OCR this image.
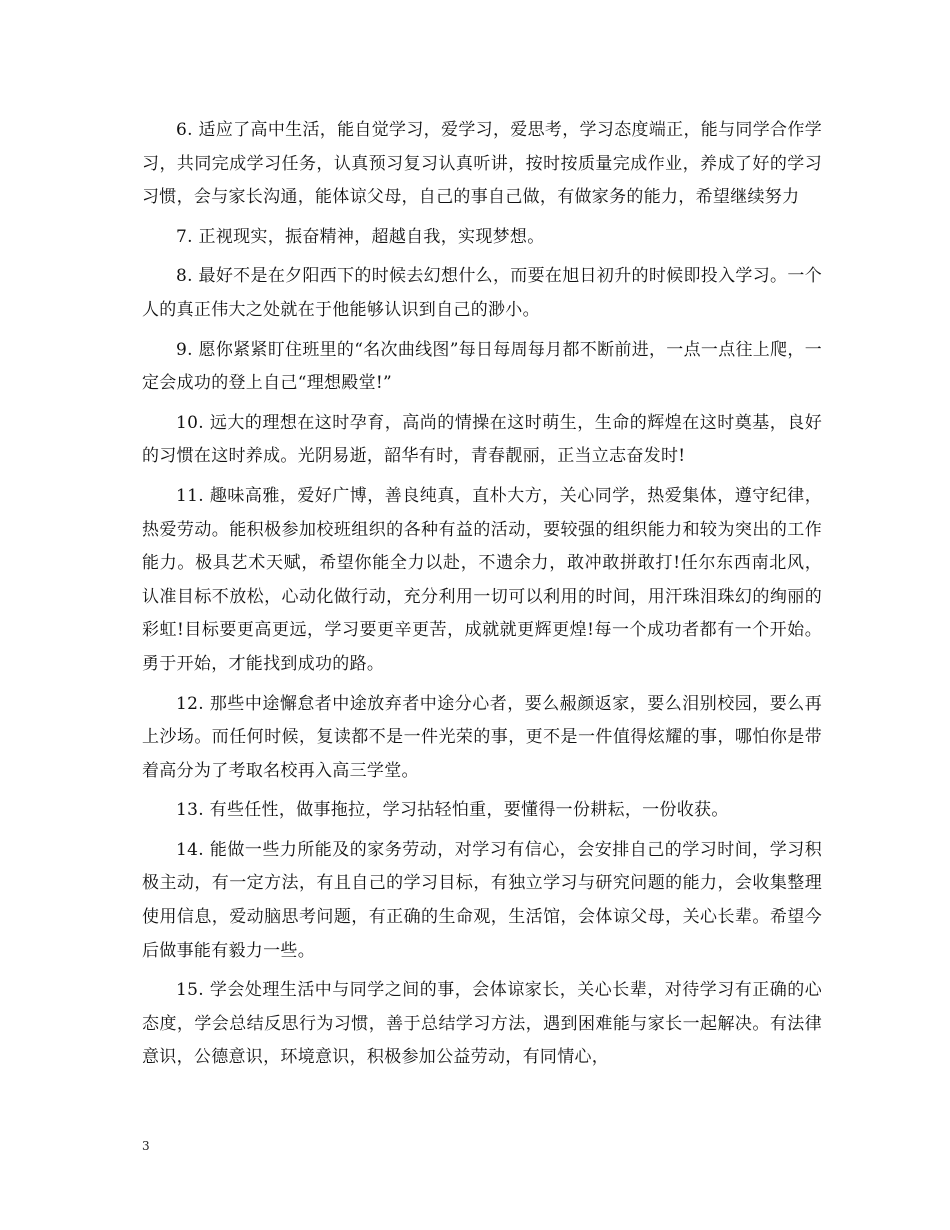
6. 适应了高中生活，能自觉学习，爱学习，爱思考，学习态度端正，能与同学合作学习，共同完成学习任务，认真预习复习认真听讲，按时按质量完成作业，养成了好的学习习惯，会与家长沟通，能体谅父母，自己的事自己做，有做家务的能力，希望继续努力

7. 正视现实，振奋精神，超越自我，实现梦想。

8. 最好不是在夕阳西下的时候去幻想什么，而要在旭日初升的时候即投入学习。一个人的真正伟大之处就在于他能够认识到自己的渺小。

9. 愿你紧紧盯住班里的“名次曲线图”每日每周每月都不断前进，一点一点往上爬，一定会成功的登上自己“理想殿堂!”

10. 远大的理想在这时孕育，高尚的情操在这时萌生，生命的辉煌在这时奠基，良好的习惯在这时养成。光阴易逝，韶华有时，青春靓丽，正当立志奋发时!

11. 趣味高雅，爱好广博，善良纯真，直朴大方，关心同学，热爱集体，遵守纪律，热爱劳动。能积极参加校班组织的各种有益的活动，要较强的组织能力和较为突出的工作能力。极具艺术天赋，希望你能全力以赴，不遗余力，敢冲敢拼敢打!任尔东西南北风，认准目标不放松，心动化做行动，充分利用一切可以利用的时间，用汗珠泪珠幻的绚丽的彩虹!目标要更高更远，学习要更辛更苦，成就就更辉更煌!每一个成功者都有一个开始。勇于开始，才能找到成功的路。

12. 那些中途懈怠者中途放弃者中途分心者，要么赧颜返家，要么泪别校园，要么再上沙场。而任何时候，复读都不是一件光荣的事，更不是一件值得炫耀的事，哪怕你是带着高分为了考取名校再入高三学堂。

13. 有些任性，做事拖拉，学习拈轻怕重，要懂得一份耕耘，一份收获。

14. 能做一些力所能及的家务劳动，对学习有信心，会安排自己的学习时间，学习积极主动，有一定方法，有且自己的学习目标，有独立学习与研究问题的能力，会收集整理使用信息，爱动脑思考问题，有正确的生命观，生活馆，会体谅父母，关心长辈。希望今后做事能有毅力一些。

15. 学会处理生活中与同学之间的事，会体谅家长，关心长辈，对待学习有正确的心态度，学会总结反思行为习惯，善于总结学习方法，遇到困难能与家长一起解决。有法律意识，公德意识，环境意识，积极参加公益劳动，有同情心，

3
